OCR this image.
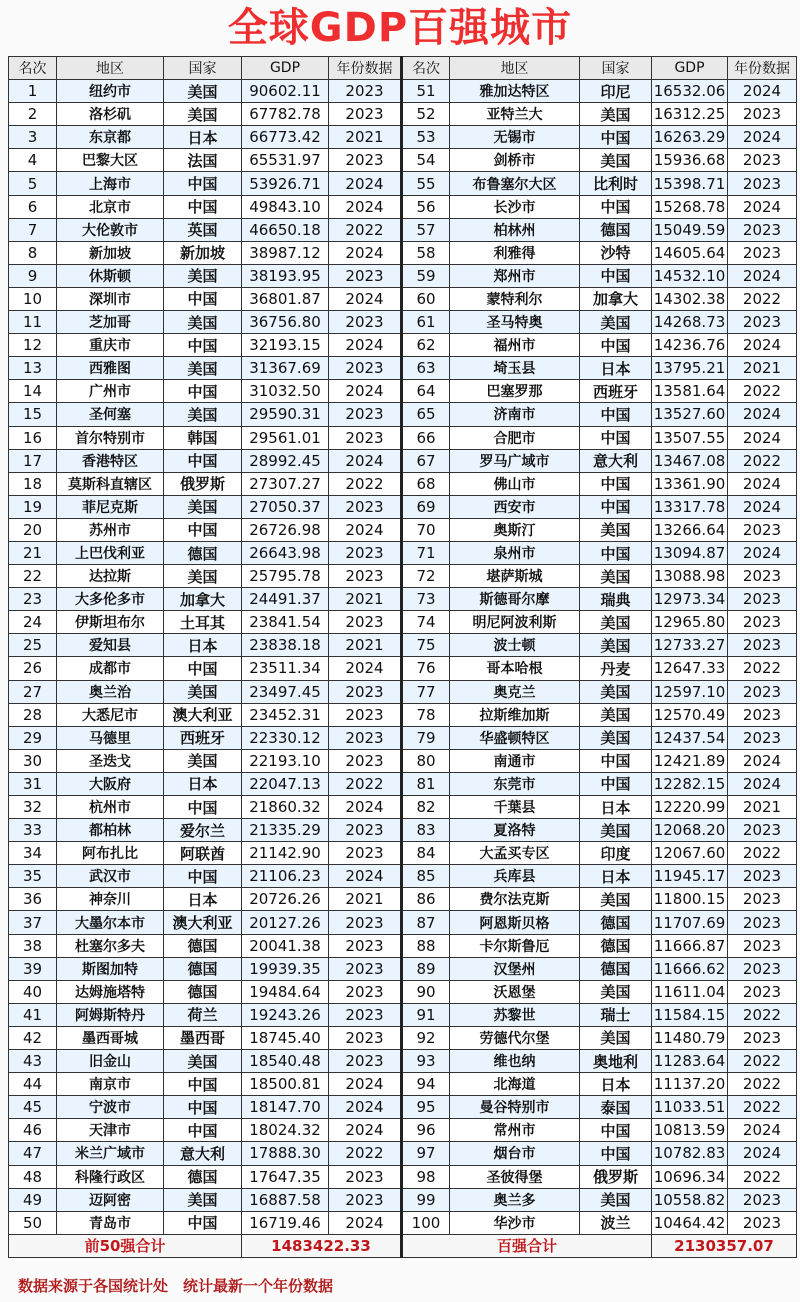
全球GDP百强城市
名次	地区	国家	GDP	年份数据	名次	地区	国家	GDP	年份数据
1	纽约市	美国	90602.11	2023	51	雅加达特区	印尼	16532.06	2024
2	洛杉矶	美国	67782.78	2023	52	亚特兰大	美国	16312.25	2023
3	东京都	日本	66773.42	2021	53	无锡市	中国	16263.29	2024
4	巴黎大区	法国	65531.97	2023	54	剑桥市	美国	15936.68	2023
5	上海市	中国	53926.71	2024	55	布鲁塞尔大区	比利时	15398.71	2023
6	北京市	中国	49843.10	2024	56	长沙市	中国	15268.78	2024
7	大伦敦市	英国	46650.18	2022	57	柏林州	德国	15049.59	2023
8	新加坡	新加坡	38987.12	2024	58	利雅得	沙特	14605.64	2023
9	休斯顿	美国	38193.95	2023	59	郑州市	中国	14532.10	2024
10	深圳市	中国	36801.87	2024	60	蒙特利尔	加拿大	14302.38	2022
11	芝加哥	美国	36756.80	2023	61	圣马特奥	美国	14268.73	2023
12	重庆市	中国	32193.15	2024	62	福州市	中国	14236.76	2024
13	西雅图	美国	31367.69	2023	63	埼玉县	日本	13795.21	2021
14	广州市	中国	31032.50	2024	64	巴塞罗那	西班牙	13581.64	2022
15	圣何塞	美国	29590.31	2023	65	济南市	中国	13527.60	2024
16	首尔特别市	韩国	29561.01	2023	66	合肥市	中国	13507.55	2024
17	香港特区	中国	28992.45	2024	67	罗马广域市	意大利	13467.08	2022
18	莫斯科直辖区	俄罗斯	27307.27	2022	68	佛山市	中国	13361.90	2024
19	菲尼克斯	美国	27050.37	2023	69	西安市	中国	13317.78	2024
20	苏州市	中国	26726.98	2024	70	奥斯汀	美国	13266.64	2023
21	上巴伐利亚	德国	26643.98	2023	71	泉州市	中国	13094.87	2024
22	达拉斯	美国	25795.78	2023	72	堪萨斯城	美国	13088.98	2023
23	大多伦多市	加拿大	24491.37	2021	73	斯德哥尔摩	瑞典	12973.34	2023
24	伊斯坦布尔	土耳其	23841.54	2023	74	明尼阿波利斯	美国	12965.80	2023
25	爱知县	日本	23838.18	2021	75	波士顿	美国	12733.27	2023
26	成都市	中国	23511.34	2024	76	哥本哈根	丹麦	12647.33	2022
27	奥兰治	美国	23497.45	2023	77	奥克兰	美国	12597.10	2023
28	大悉尼市	澳大利亚	23452.31	2023	78	拉斯维加斯	美国	12570.49	2023
29	马德里	西班牙	22330.12	2023	79	华盛顿特区	美国	12437.54	2023
30	圣迭戈	美国	22193.10	2023	80	南通市	中国	12421.89	2024
31	大阪府	日本	22047.13	2022	81	东莞市	中国	12282.15	2024
32	杭州市	中国	21860.32	2024	82	千葉县	日本	12220.99	2021
33	都柏林	爱尔兰	21335.29	2023	83	夏洛特	美国	12068.20	2023
34	阿布扎比	阿联酋	21142.90	2023	84	大孟买专区	印度	12067.60	2022
35	武汉市	中国	21106.23	2024	85	兵库县	日本	11945.17	2023
36	神奈川	日本	20726.26	2021	86	费尔法克斯	美国	11800.15	2023
37	大墨尔本市	澳大利亚	20127.26	2023	87	阿恩斯贝格	德国	11707.69	2023
38	杜塞尔多夫	德国	20041.38	2023	88	卡尔斯鲁厄	德国	11666.87	2023
39	斯图加特	德国	19939.35	2023	89	汉堡州	德国	11666.62	2023
40	达姆施塔特	德国	19484.64	2023	90	沃恩堡	美国	11611.04	2023
41	阿姆斯特丹	荷兰	19243.26	2023	91	苏黎世	瑞士	11584.15	2022
42	墨西哥城	墨西哥	18745.40	2023	92	劳德代尔堡	美国	11480.79	2023
43	旧金山	美国	18540.48	2023	93	维也纳	奥地利	11283.64	2022
44	南京市	中国	18500.81	2024	94	北海道	日本	11137.20	2022
45	宁波市	中国	18147.70	2024	95	曼谷特别市	泰国	11033.51	2022
46	天津市	中国	18024.32	2024	96	常州市	中国	10813.59	2024
47	米兰广域市	意大利	17888.30	2022	97	烟台市	中国	10782.83	2024
48	科隆行政区	德国	17647.35	2023	98	圣彼得堡	俄罗斯	10696.34	2022
49	迈阿密	美国	16887.58	2023	99	奥兰多	美国	10558.82	2023
50	青岛市	中国	16719.46	2024	100	华沙市	波兰	10464.42	2023
前50强合计			1483422.33		百强合计			2130357.07	
数据来源于各国统计处　统计最新一个年份数据
